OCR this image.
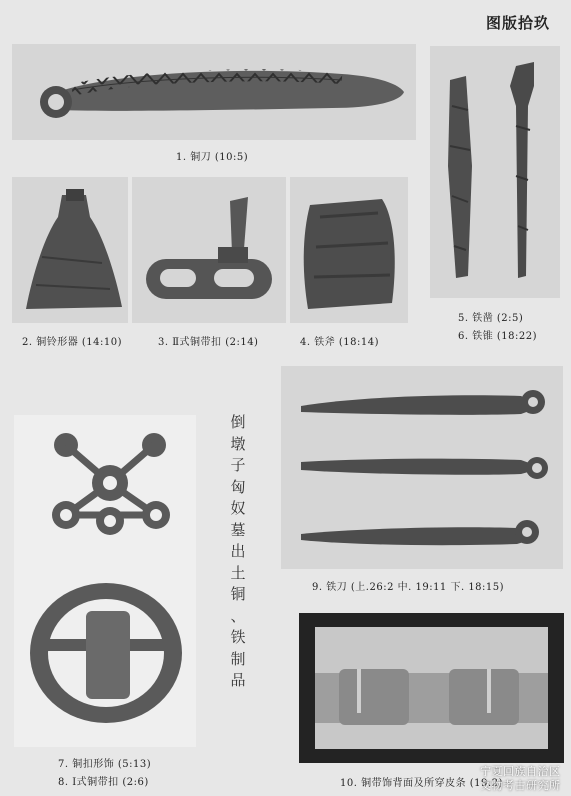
图版拾玖
1. 铜刀 (10:5)
2. 铜铃形器 (14:10)	3. Ⅱ式铜带扣 (2:14)	4. 铁斧 (18:14)
5. 铁凿 (2:5)
6. 铁锥 (18:22)
倒
墩
子
匈
奴
墓
出
土
铜
、
铁
制
品
7. 铜扣形饰 (5:13)
8. Ⅰ式铜带扣 (2:6)
9. 铁刀 (上.26:2 中. 19:11 下. 18:15)
10. 铜带饰背面及所穿皮条 (19:2)
宁夏回族自治区
文物考古研究所
